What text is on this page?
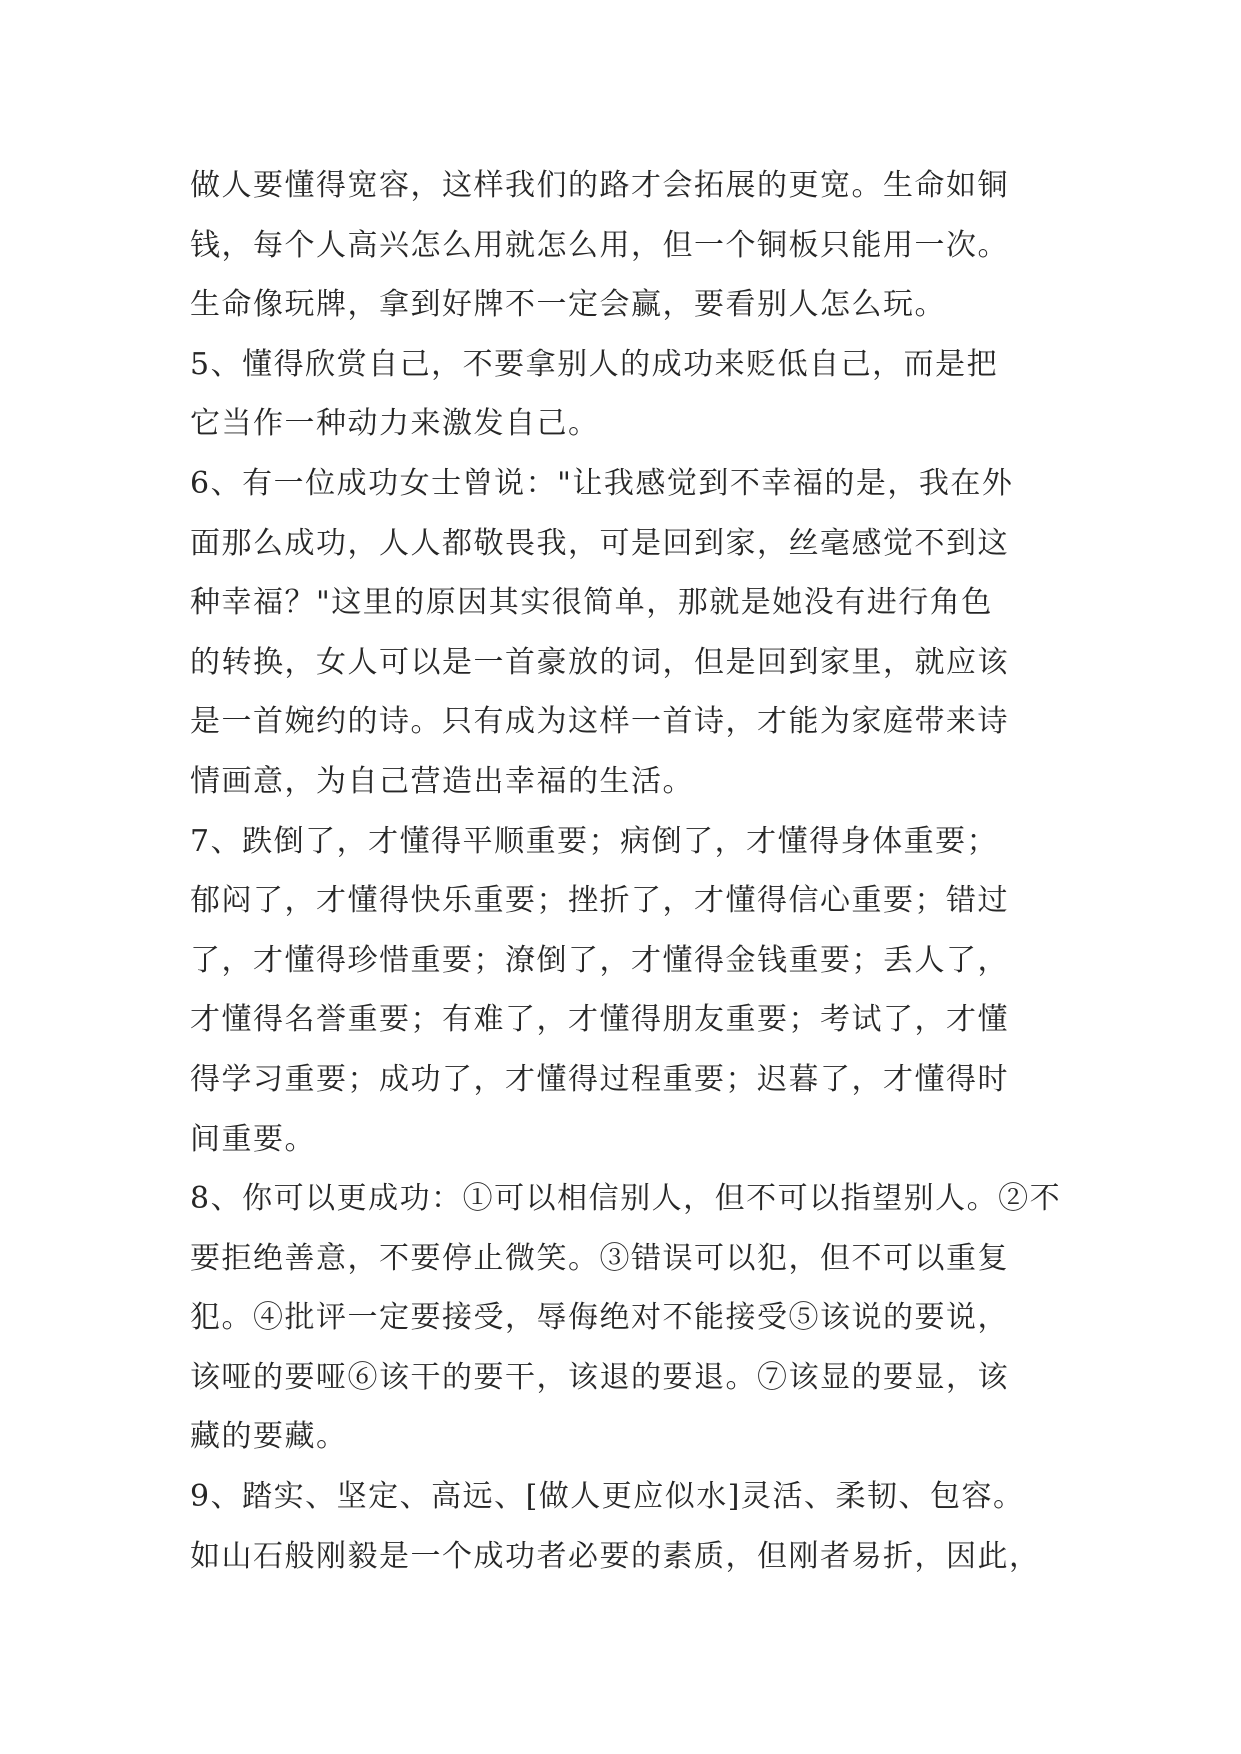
做人要懂得宽容，这样我们的路才会拓展的更宽。生命如铜
钱，每个人高兴怎么用就怎么用，但一个铜板只能用一次。
生命像玩牌，拿到好牌不一定会赢，要看别人怎么玩。
5、懂得欣赏自己，不要拿别人的成功来贬低自己，而是把
它当作一种动力来激发自己。
6、有一位成功女士曾说："让我感觉到不幸福的是，我在外
面那么成功，人人都敬畏我，可是回到家，丝毫感觉不到这
种幸福？"这里的原因其实很简单，那就是她没有进行角色
的转换，女人可以是一首豪放的词，但是回到家里，就应该
是一首婉约的诗。只有成为这样一首诗，才能为家庭带来诗
情画意，为自己营造出幸福的生活。
7、跌倒了，才懂得平顺重要；病倒了，才懂得身体重要；
郁闷了，才懂得快乐重要；挫折了，才懂得信心重要；错过
了，才懂得珍惜重要；潦倒了，才懂得金钱重要；丢人了，
才懂得名誉重要；有难了，才懂得朋友重要；考试了，才懂
得学习重要；成功了，才懂得过程重要；迟暮了，才懂得时
间重要。
8、你可以更成功：①可以相信别人，但不可以指望别人。②不
要拒绝善意，不要停止微笑。③错误可以犯，但不可以重复
犯。④批评一定要接受，辱侮绝对不能接受⑤该说的要说，
该哑的要哑⑥该干的要干，该退的要退。⑦该显的要显，该
藏的要藏。
9、踏实、坚定、高远、[做人更应似水]灵活、柔韧、包容。
如山石般刚毅是一个成功者必要的素质，但刚者易折，因此，
